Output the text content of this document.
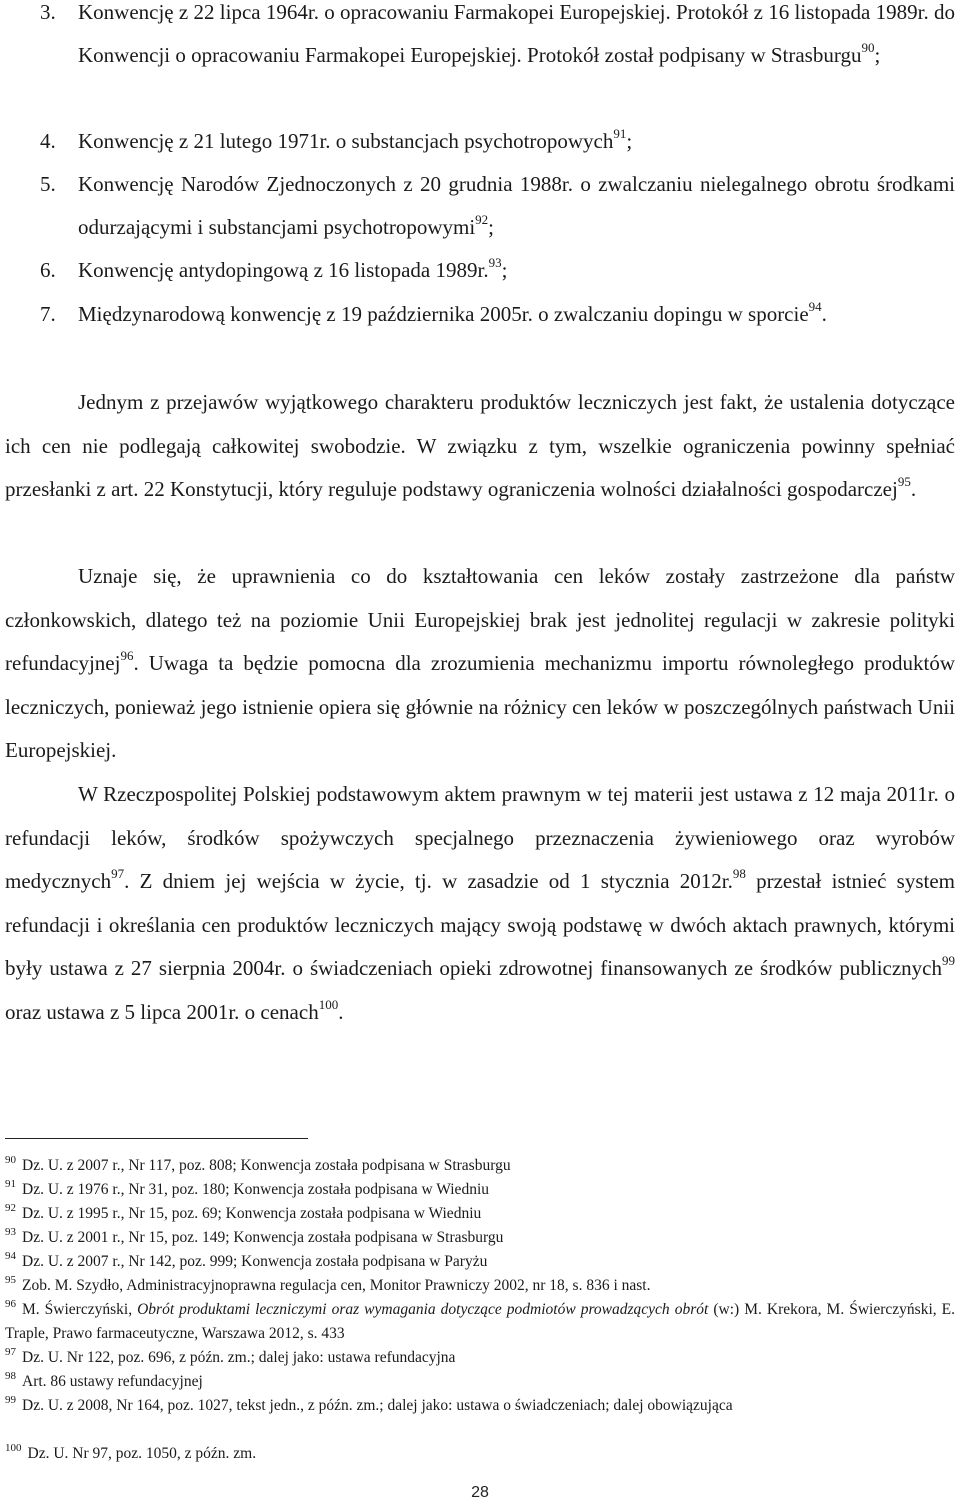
3.	Konwencję z 22 lipca 1964r. o opracowaniu Farmakopei Europejskiej. Protokół z 16 listopada 1989r. do Konwencji o opracowaniu Farmakopei Europejskiej. Protokół został podpisany w Strasburgu$^{90}$;
4.	Konwencję z 21 lutego 1971r. o substancjach psychotropowych$^{91}$;
5.	Konwencję Narodów Zjednoczonych z 20 grudnia 1988r. o zwalczaniu nielegalnego obrotu środkami odurzającymi i substancjami psychotropowymi$^{92}$;
6.	Konwencję antydopingową z 16 listopada 1989r.$^{93}$;
7.	Międzynarodową konwencję z 19 października 2005r. o zwalczaniu dopingu w sporcie$^{94}$.

Jednym z przejawów wyjątkowego charakteru produktów leczniczych jest fakt, że ustalenia dotyczące ich cen nie podlegają całkowitej swobodzie. W związku z tym, wszelkie ograniczenia powinny spełniać przesłanki z art. 22 Konstytucji, który reguluje podstawy ograniczenia wolności działalności gospodarczej$^{95}$.

Uznaje się, że uprawnienia co do kształtowania cen leków zostały zastrzeżone dla państw członkowskich, dlatego też na poziomie Unii Europejskiej brak jest jednolitej regulacji w zakresie polityki refundacyjnej$^{96}$. Uwaga ta będzie pomocna dla zrozumienia mechanizmu importu równoległego produktów leczniczych, ponieważ jego istnienie opiera się głównie na różnicy cen leków w poszczególnych państwach Unii Europejskiej.

W Rzeczpospolitej Polskiej podstawowym aktem prawnym w tej materii jest ustawa z 12 maja 2011r. o refundacji leków, środków spożywczych specjalnego przeznaczenia żywieniowego oraz wyrobów medycznych$^{97}$. Z dniem jej wejścia w życie, tj. w zasadzie od 1 stycznia 2012r.$^{98}$ przestał istnieć system refundacji i określania cen produktów leczniczych mający swoją podstawę w dwóch aktach prawnych, którymi były ustawa z 27 sierpnia 2004r. o świadczeniach opieki zdrowotnej finansowanych ze środków publicznych$^{99}$ oraz ustawa z 5 lipca 2001r. o cenach$^{100}$.

$^{90}$ Dz. U. z 2007 r., Nr 117, poz. 808; Konwencja została podpisana w Strasburgu
$^{91}$ Dz. U. z 1976 r., Nr 31, poz. 180; Konwencja została podpisana w Wiedniu
$^{92}$ Dz. U. z 1995 r., Nr 15, poz. 69; Konwencja została podpisana w Wiedniu
$^{93}$ Dz. U. z 2001 r., Nr 15, poz. 149; Konwencja została podpisana w Strasburgu
$^{94}$ Dz. U. z 2007 r., Nr 142, poz. 999; Konwencja została podpisana w Paryżu
$^{95}$ Zob. M. Szydło, Administracyjnoprawna regulacja cen, Monitor Prawniczy 2002, nr 18, s. 836 i nast.
$^{96}$ M. Świerczyński, Obrót produktami leczniczymi oraz wymagania dotyczące podmiotów prowadzących obrót (w:) M. Krekora, M. Świerczyński, E. Traple, Prawo farmaceutyczne, Warszawa 2012, s. 433
$^{97}$ Dz. U. Nr 122, poz. 696, z późn. zm.; dalej jako: ustawa refundacyjna
$^{98}$ Art. 86 ustawy refundacyjnej
$^{99}$ Dz. U. z 2008, Nr 164, poz. 1027, tekst jedn., z późn. zm.; dalej jako: ustawa o świadczeniach; dalej obowiązująca
$^{100}$ Dz. U. Nr 97, poz. 1050, z późn. zm.
28
